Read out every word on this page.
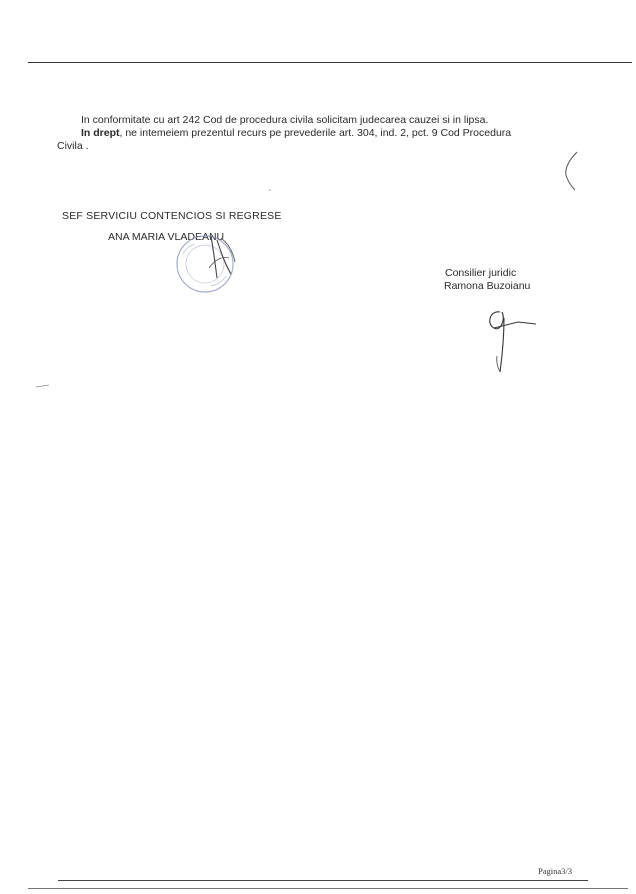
In conformitate cu art 242 Cod de procedura civila solicitam judecarea cauzei si in lipsa.
In drept, ne intemeiem prezentul recurs pe prevederile art. 304, ind. 2, pct. 9 Cod Procedura
Civila .
SEF SERVICIU CONTENCIOS SI REGRESE
ANA MARIA VLADEANU
Consilier juridic
Ramona Buzoianu
Pagina3/3
